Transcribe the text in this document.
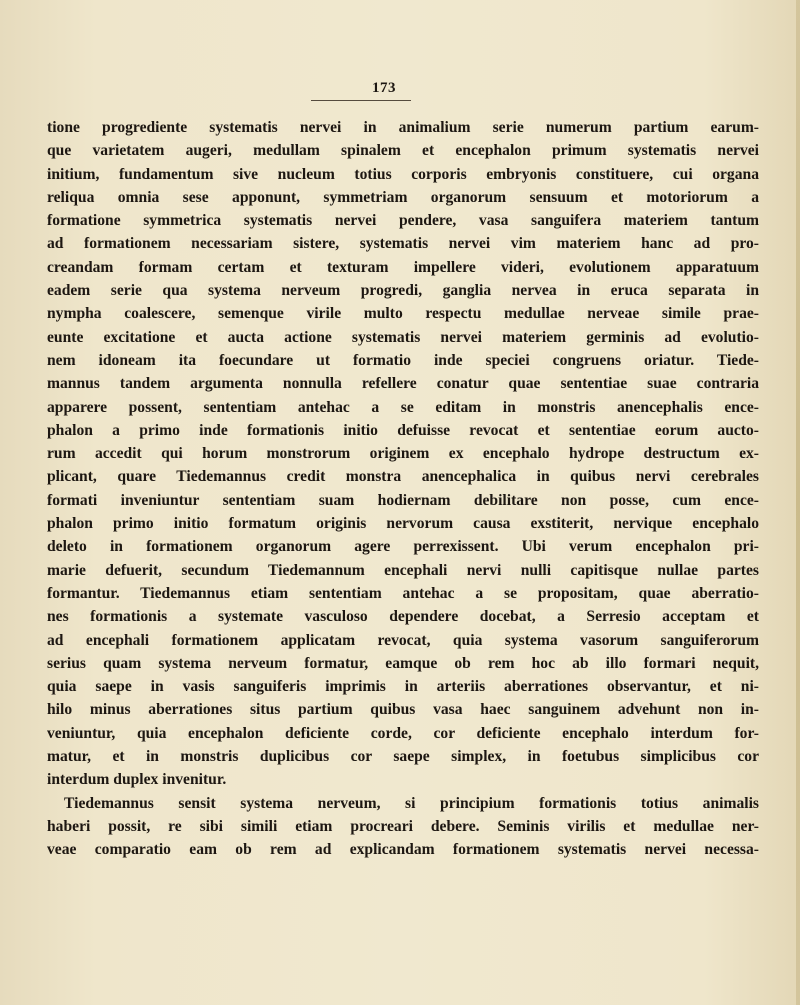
173
tione progrediente systematis nervei in animalium serie numerum partium earum-
que varietatem augeri, medullam spinalem et encephalon primum systematis nervei
initium, fundamentum sive nucleum totius corporis embryonis constituere, cui organa
reliqua omnia sese apponunt, symmetriam organorum sensuum et motoriorum a
formatione symmetrica systematis nervei pendere, vasa sanguifera materiem tantum
ad formationem necessariam sistere, systematis nervei vim materiem hanc ad pro-
creandam formam certam et texturam impellere videri, evolutionem apparatuum
eadem serie qua systema nerveum progredi, ganglia nervea in eruca separata in
nympha coalescere, semenque virile multo respectu medullae nerveae simile prae-
eunte excitatione et aucta actione systematis nervei materiem germinis ad evolutio-
nem idoneam ita foecundare ut formatio inde speciei congruens oriatur. Tiede-
mannus tandem argumenta nonnulla refellere conatur quae sententiae suae contraria
apparere possent, sententiam antehac a se editam in monstris anencephalis ence-
phalon a primo inde formationis initio defuisse revocat et sententiae eorum aucto-
rum accedit qui horum monstrorum originem ex encephalo hydrope destructum ex-
plicant, quare Tiedemannus credit monstra anencephalica in quibus nervi cerebrales
formati inveniuntur sententiam suam hodiernam debilitare non posse, cum ence-
phalon primo initio formatum originis nervorum causa exstiterit, nervique encephalo
deleto in formationem organorum agere perrexissent. Ubi verum encephalon pri-
marie defuerit, secundum Tiedemannum encephali nervi nulli capitisque nullae partes
formantur. Tiedemannus etiam sententiam antehac a se propositam, quae aberratio-
nes formationis a systemate vasculoso dependere docebat, a Serresio acceptam et
ad encephali formationem applicatam revocat, quia systema vasorum sanguiferorum
serius quam systema nerveum formatur, eamque ob rem hoc ab illo formari nequit,
quia saepe in vasis sanguiferis imprimis in arteriis aberrationes observantur, et ni-
hilo minus aberrationes situs partium quibus vasa haec sanguinem advehunt non in-
veniuntur, quia encephalon deficiente corde, cor deficiente encephalo interdum for-
matur, et in monstris duplicibus cor saepe simplex, in foetubus simplicibus cor
interdum duplex invenitur.
Tiedemannus sensit systema nerveum, si principium formationis totius animalis
haberi possit, re sibi simili etiam procreari debere. Seminis virilis et medullae ner-
veae comparatio eam ob rem ad explicandam formationem systematis nervei necessa-
